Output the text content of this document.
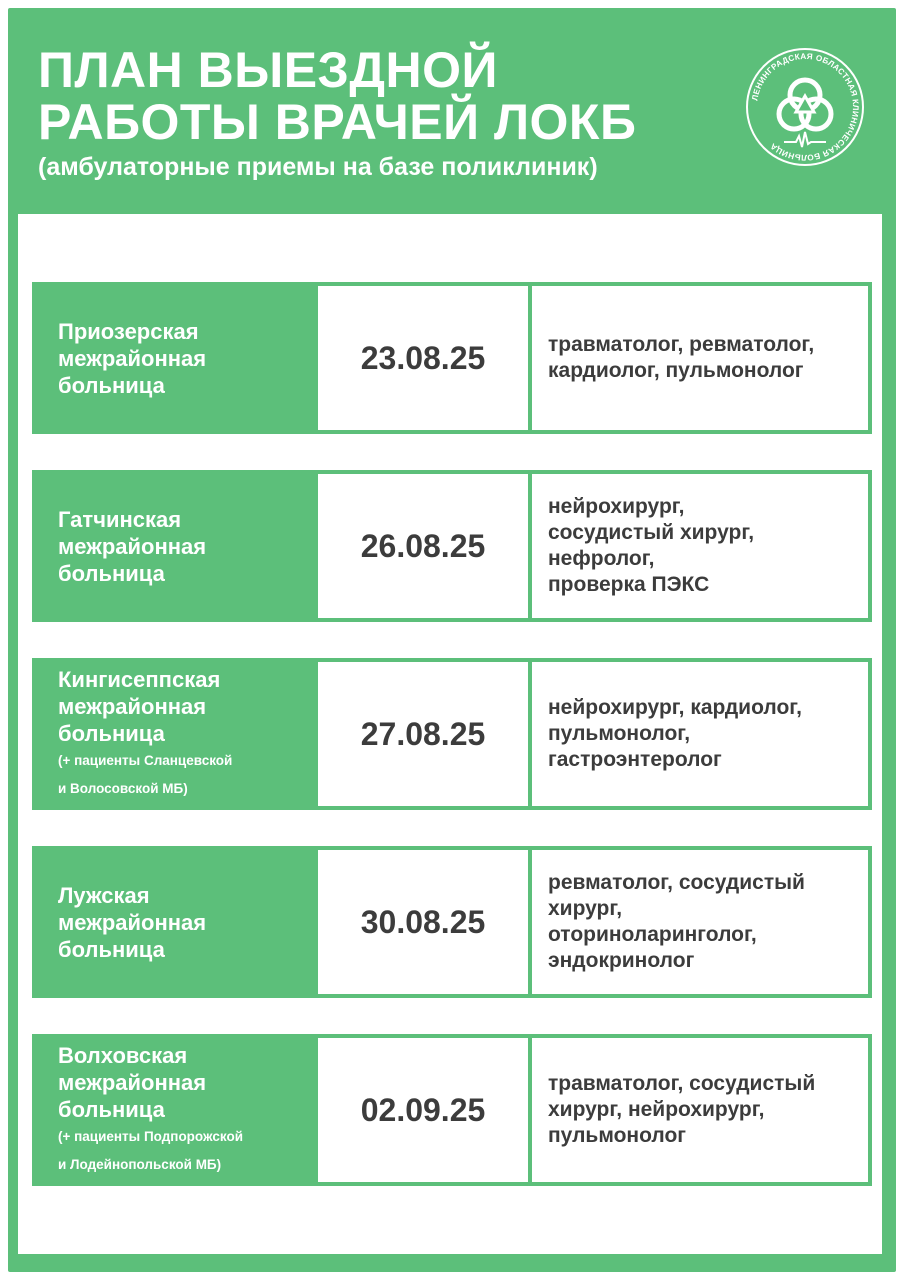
ПЛАН ВЫЕЗДНОЙ
РАБОТЫ ВРАЧЕЙ ЛОКБ
(амбулаторные приемы на базе поликлиник)
ЛЕНИНГРАДСКАЯ ОБЛАСТНАЯ КЛИНИЧЕСКАЯ БОЛЬНИЦА
Приозерская
межрайонная
больница
23.08.25	травматолог, ревматолог,
кардиолог, пульмонолог
Гатчинская
межрайонная
больница
26.08.25
нейрохирург,
сосудистый хирург,
нефролог,
проверка ПЭКС
Кингисеппская
межрайонная
больница
(+ пациенты Сланцевской
и Волосовской МБ)
27.08.25
нейрохирург, кардиолог,
пульмонолог,
гастроэнтеролог
Лужская
межрайонная
больница
30.08.25
ревматолог, сосудистый
хирург,
оториноларинголог,
эндокринолог
Волховская
межрайонная
больница
(+ пациенты Подпорожской
и Лодейнопольской МБ)
02.09.25
травматолог, сосудистый
хирург, нейрохирург,
пульмонолог
